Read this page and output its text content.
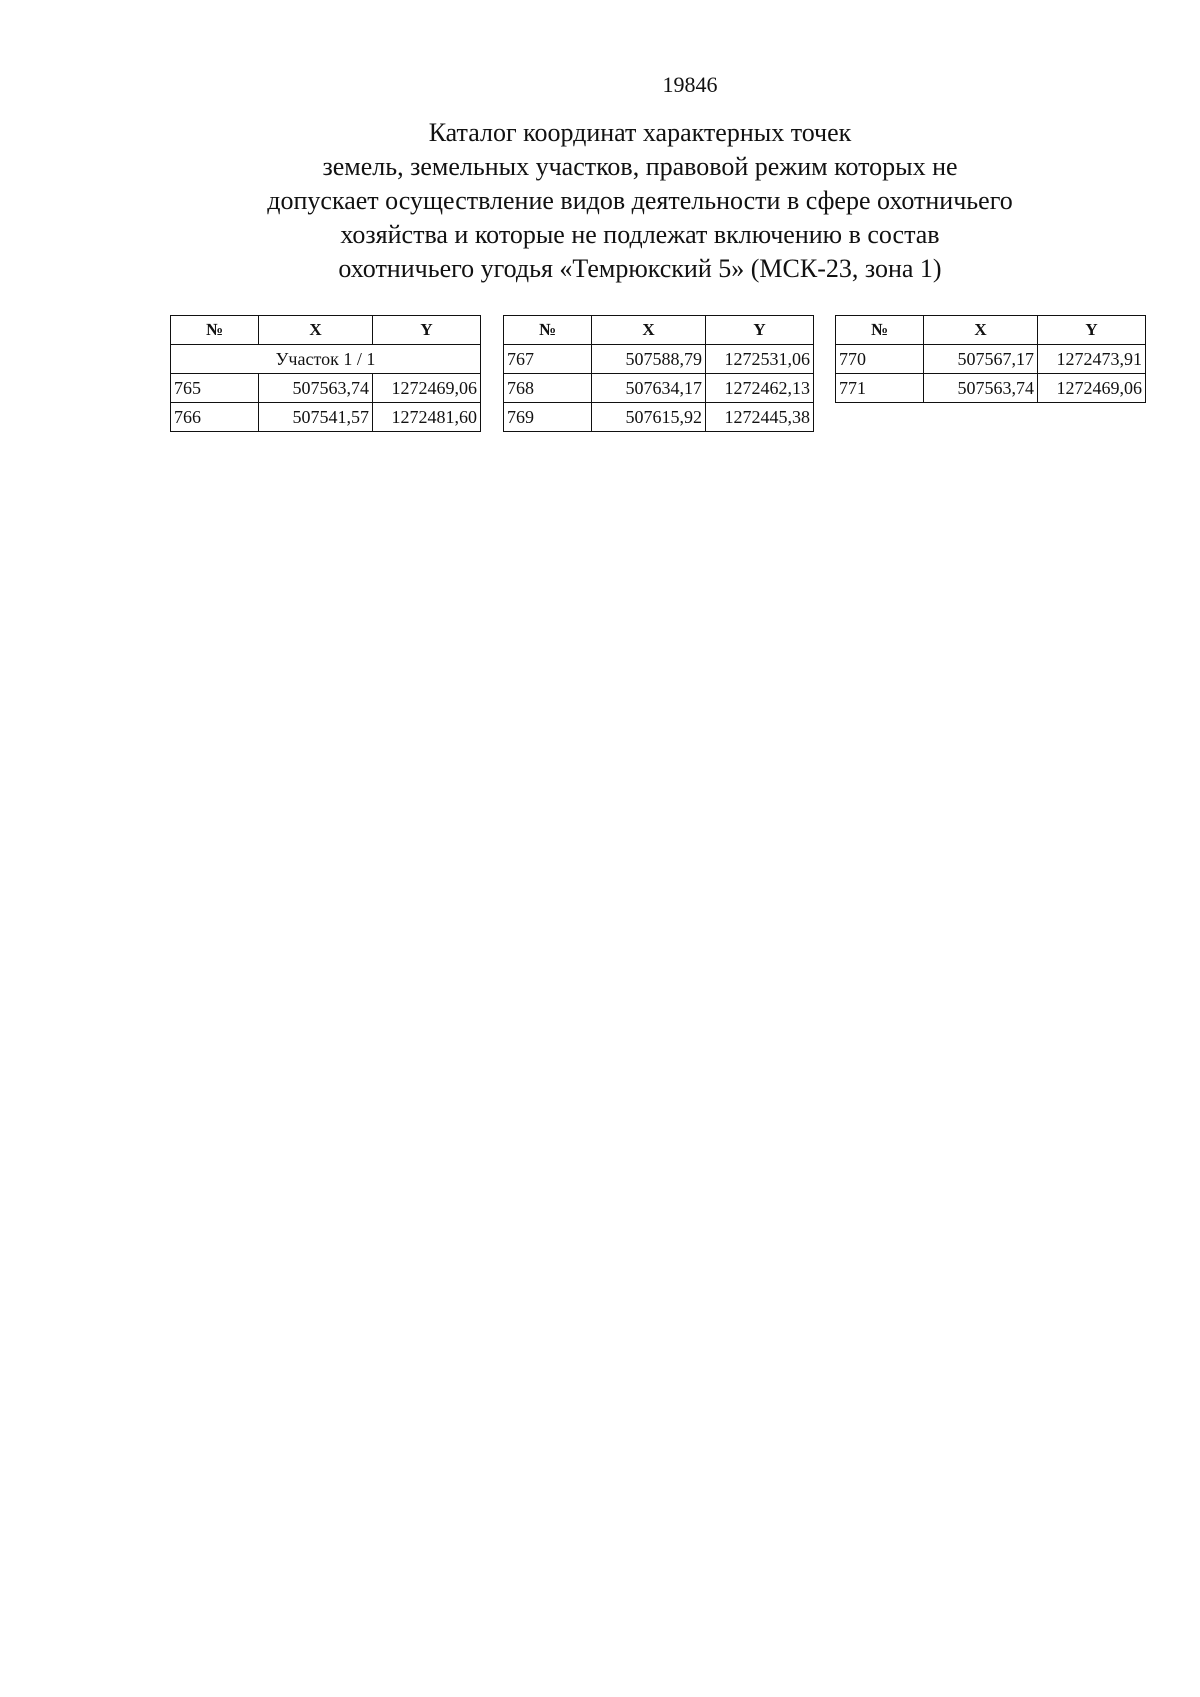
19846
Каталог координат характерных точек
земель, земельных участков, правовой режим которых не
допускает осуществление видов деятельности в сфере охотничьего
хозяйства и которые не подлежат включению в состав
охотничьего угодья «Темрюкский 5» (МСК-23, зона 1)
№	X	Y
Участок 1 / 1		
765	507563,74	1272469,06
766	507541,57	1272481,60
№	X	Y
767	507588,79	1272531,06
768	507634,17	1272462,13
769	507615,92	1272445,38
№	X	Y
770	507567,17	1272473,91
771	507563,74	1272469,06
